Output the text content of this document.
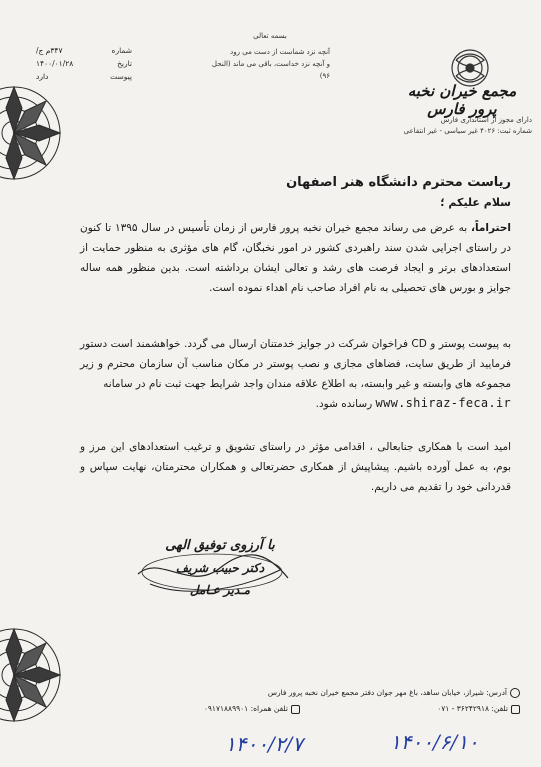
مجمع خیران نخبه پرور فارس
دارای مجوز از استانداری فارس
شماره ثبت: ۴۰۲۶ غیر سیاسی - غیر انتفاعی
بسمه تعالی
آنچه نزد شماست از دست می رود
و آنچه نزد خداست، باقی می ماند (النحل ۹۶)
شماره
۳۴۷م ج/
تاریخ
۱۴۰۰/۰۱/۲۸
پیوست
دارد
ریاست محترم دانشگاه هنر اصفهان
سلام علیکم ؛
احتراماً، به عرض می رساند مجمع خیران نخبه پرور فارس از زمان تأسیس در سال ۱۳۹۵ تا کنون در راستای اجرایی شدن سند راهبردی کشور در امور نخبگان، گام های مؤثری به منظور حمایت از استعدادهای برتر و ایجاد فرصت های رشد و تعالی ایشان برداشته است. بدین منظور همه ساله جوایز و بورس های تحصیلی به نام افراد صاحب نام اهداء نموده است.
به پیوست پوستر و CD فراخوان شرکت در جوایز خدمتنان ارسال می گردد. خواهشمند است دستور فرمایید از طریق سایت، فضاهای مجازی و نصب پوستر در مکان مناسب آن سازمان محترم و زیر مجموعه های وابسته و غیر وابسته، به اطلاع علاقه مندان واجد شرایط جهت ثبت نام در سامانه
www.shiraz-feca.ir رسانده شود.
امید است با همکاری جنابعالی ، اقدامی مؤثر در راستای تشویق و ترغیب استعدادهای این مرز و بوم، به عمل آورده باشیم. پیشاپیش از همکاری حضرتعالی و همکاران محترمتان، نهایت سپاس و قدردانی خود را تقدیم می داریم.
با آرزوی توفیق الهی
دکتر حبیب شریف
مـدیر عـامل
آدرس: شیراز، خیابان ساهد، باغ مهر جوان دفتر مجمع خیران نخبه پرور فارس
تلفن: ۳۶۲۴۲۹۱۸ - ۰۷۱
تلفن همراه: ۰۹۱۷۱۸۸۹۹۰۱
۱۴۰۰/۲/۷	۱۴۰۰/۶/۱۰
